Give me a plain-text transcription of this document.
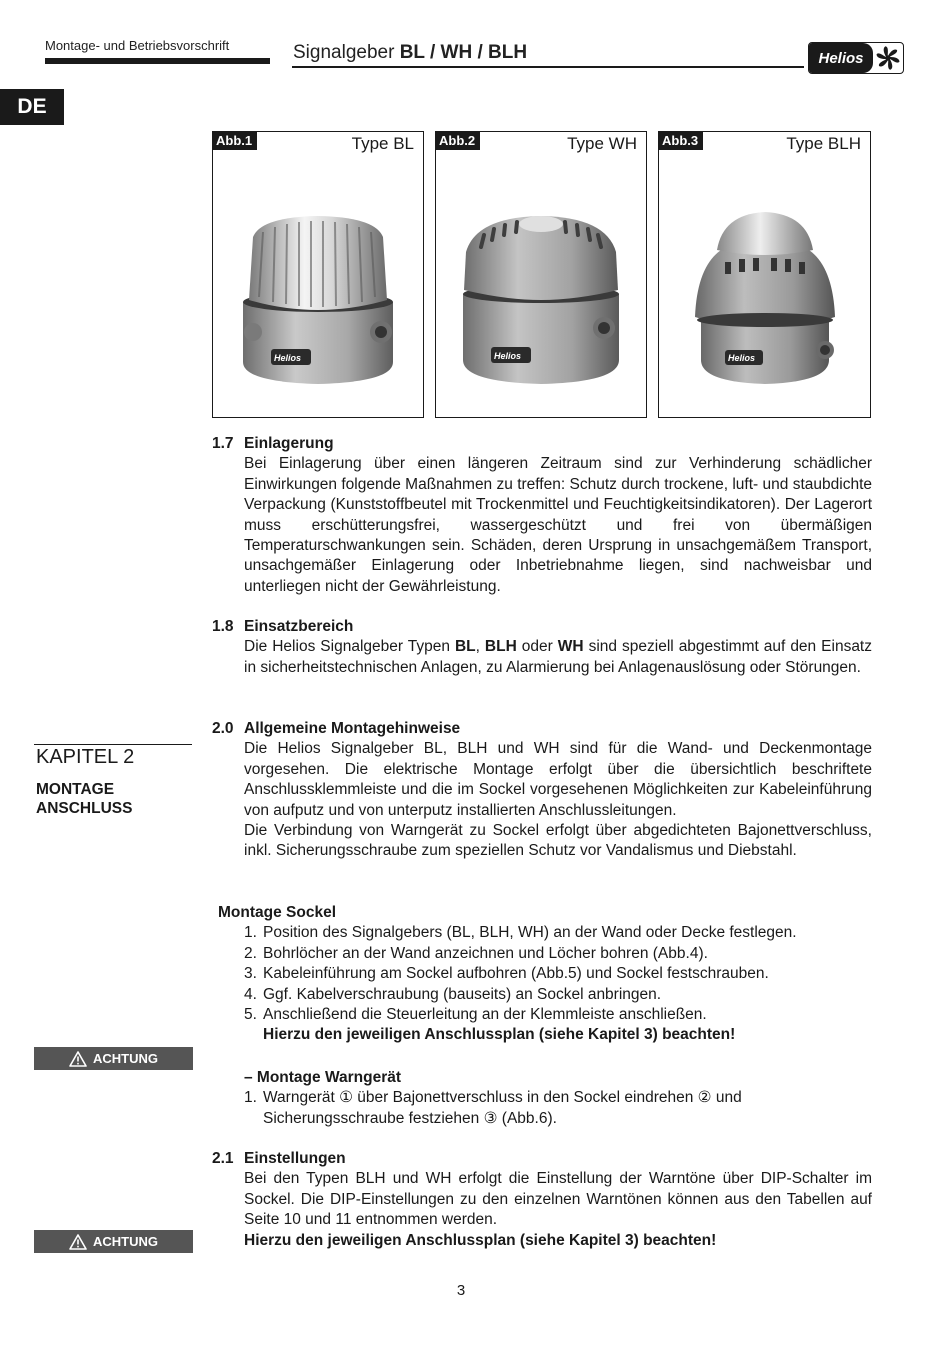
Montage- und Betriebsvorschrift	Signalgeber BL / WH / BLH	Helios
DE
Helios
Abb.1	Type BL
Helios
Abb.2	Type WH
Helios
Abb.3	Type BLH
1.7 Einlagerung

Bei Einlagerung über einen längeren Zeitraum sind zur Verhinderung schädlicher Einwirkungen folgende Maßnahmen zu treffen: Schutz durch trockene, luft- und staubdichte Verpackung (Kunststoffbeutel mit Trockenmittel und Feuchtigkeitsindikatoren). Der Lagerort muss erschütterungsfrei, wassergeschützt und frei von übermäßigen Temperaturschwankungen sein. Schäden, deren Ursprung in unsachgemäßem Transport, unsachgemäßer Einlagerung oder Inbetriebnahme liegen, sind nachweisbar und unterliegen nicht der Gewährleistung.

1.8 Einsatzbereich

Die Helios Signalgeber Typen BL, BLH oder WH sind speziell abgestimmt auf den Einsatz in sicherheitstechnischen Anlagen, zu Alarmierung bei Anlagenauslösung oder Störungen.

KAPITEL 2
MONTAGE
ANSCHLUSS
2.0 Allgemeine Montagehinweise

Die Helios Signalgeber BL, BLH und WH sind für die Wand- und Deckenmontage vorgesehen. Die elektrische Montage erfolgt über die übersichtlich beschriftete Anschlussklemmleiste und die im Sockel vorgesehenen Möglichkeiten zur Kabeleinführung von aufputz und von unterputz installierten Anschlussleitungen.

Die Verbindung von Warngerät zu Sockel erfolgt über abgedichteten Bajonettverschluss, inkl. Sicherungsschraube zum speziellen Schutz vor Vandalismus und Diebstahl.

Montage Sockel
1. Position des Signalgebers (BL, BLH, WH) an der Wand oder Decke festlegen.
2. Bohrlöcher an der Wand anzeichnen und Löcher bohren (Abb.4).
3. Kabeleinführung am Sockel aufbohren (Abb.5) und Sockel festschrauben.
4. Ggf. Kabelverschraubung (bauseits) an Sockel anbringen.
5. Anschließend die Steuerleitung an der Klemmleiste anschließen.
Hierzu den jeweiligen Anschlussplan (siehe Kapitel 3) beachten!
ACHTUNG
– Montage Warngerät
1. Warngerät ① über Bajonettverschluss in den Sockel eindrehen ② und Sicherungsschraube festziehen ③ (Abb.6).
2.1 Einstellungen

Bei den Typen BLH und WH erfolgt die Einstellung der Warntöne über DIP-Schalter im Sockel. Die DIP-Einstellungen zu den einzelnen Warntönen können aus den Tabellen auf Seite 10 und 11 entnommen werden.

Hierzu den jeweiligen Anschlussplan (siehe Kapitel 3) beachten!

ACHTUNG
3
